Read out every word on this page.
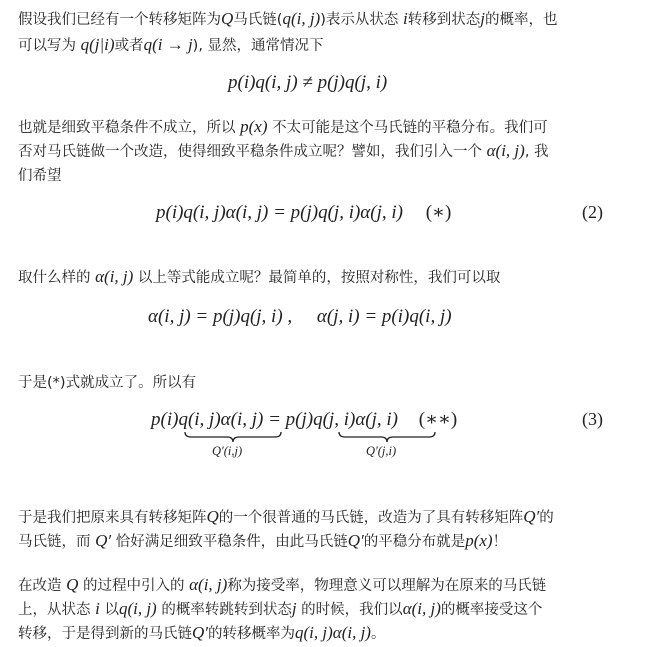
假设我们已经有一个转移矩阵为Q马氏链(q(i, j))表示从状态 i转移到状态j的概率，也
可以写为 q(j|i)或者q(i → j), 显然，通常情况下
p(i)q(i, j) ≠ p(j)q(j, i)
也就是细致平稳条件不成立，所以 p(x) 不太可能是这个马氏链的平稳分布。我们可
否对马氏链做一个改造，使得细致平稳条件成立呢？譬如，我们引入一个 α(i, j), 我
们希望
p(i)q(i, j)α(i, j) = p(j)q(j, i)α(j, i) (∗)	(2)
取什么样的 α(i, j) 以上等式能成立呢？最简单的，按照对称性，我们可以取
α(i, j) = p(j)q(j, i) , α(j, i) = p(i)q(i, j)
于是(*)式就成立了。所以有
p(i)q(i, j)α(i, j) = p(j)q(j, i)α(j, i) (∗∗)	(3)
Q′(i,j)	Q′(j,i)
于是我们把原来具有转移矩阵Q的一个很普通的马氏链，改造为了具有转移矩阵Q′的
马氏链，而 Q′ 恰好满足细致平稳条件，由此马氏链Q′的平稳分布就是p(x)！
在改造 Q 的过程中引入的 α(i, j)称为接受率，物理意义可以理解为在原来的马氏链
上，从状态 i 以q(i, j) 的概率转跳转到状态j 的时候，我们以α(i, j)的概率接受这个
转移，于是得到新的马氏链Q′的转移概率为q(i, j)α(i, j)。
